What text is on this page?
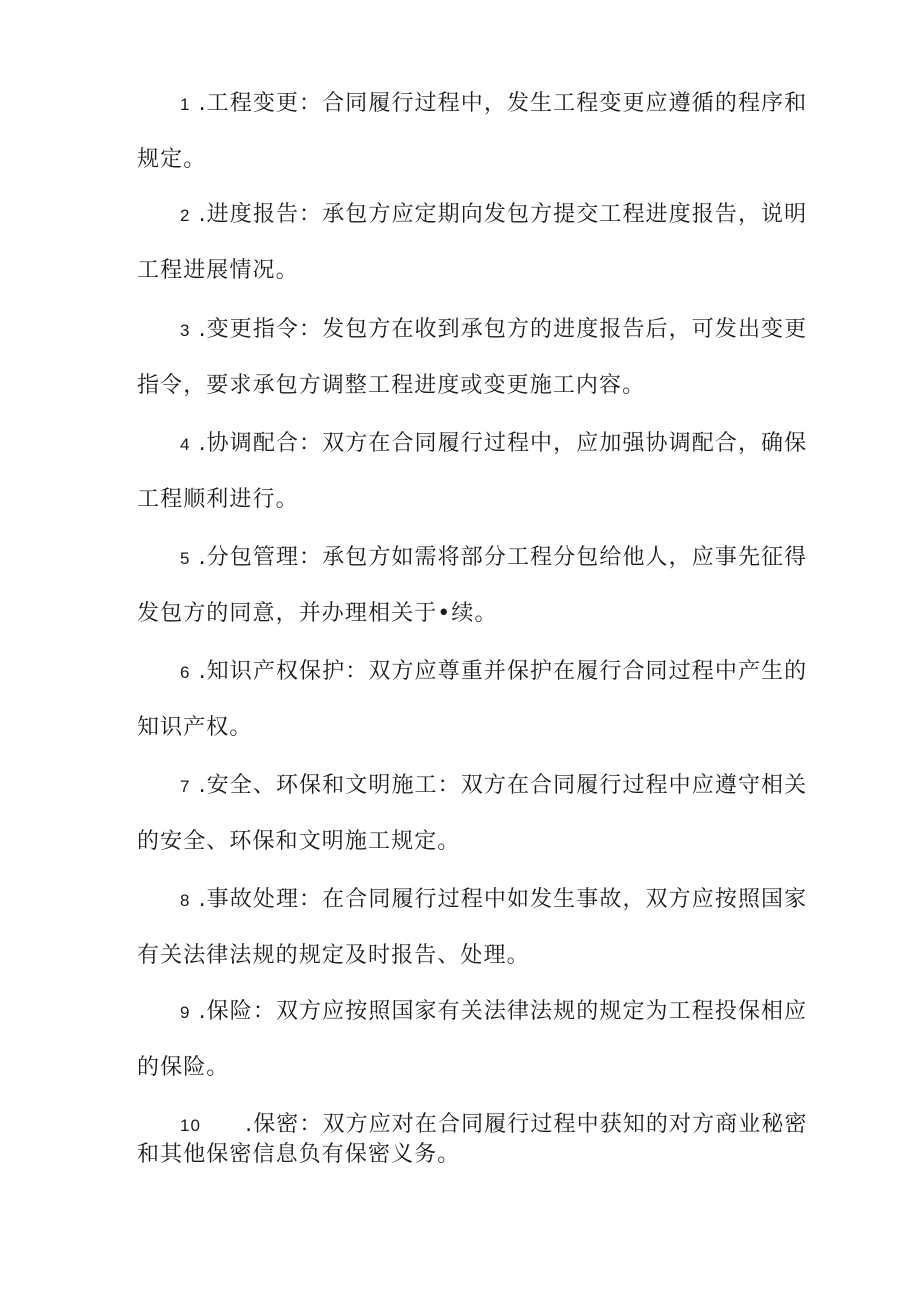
1 .工程变更：合同履行过程中，发生工程变更应遵循的程序和
规定。
2 .进度报告：承包方应定期向发包方提交工程进度报告，说明
工程进展情况。
3 .变更指令：发包方在收到承包方的进度报告后，可发出变更
指令，要求承包方调整工程进度或变更施工内容。
4 .协调配合：双方在合同履行过程中，应加强协调配合，确保
工程顺利进行。
5 .分包管理：承包方如需将部分工程分包给他人，应事先征得
发包方的同意，并办理相关于•续。
6 .知识产权保护：双方应尊重并保护在履行合同过程中产生的
知识产权。
7 .安全、环保和文明施工：双方在合同履行过程中应遵守相关
的安全、环保和文明施工规定。
8 .事故处理：在合同履行过程中如发生事故，双方应按照国家
有关法律法规的规定及时报告、处理。
9 .保险：双方应按照国家有关法律法规的规定为工程投保相应
的保险。
10 .保密：双方应对在合同履行过程中获知的对方商业秘密
和其他保密信息负有保密义务。
